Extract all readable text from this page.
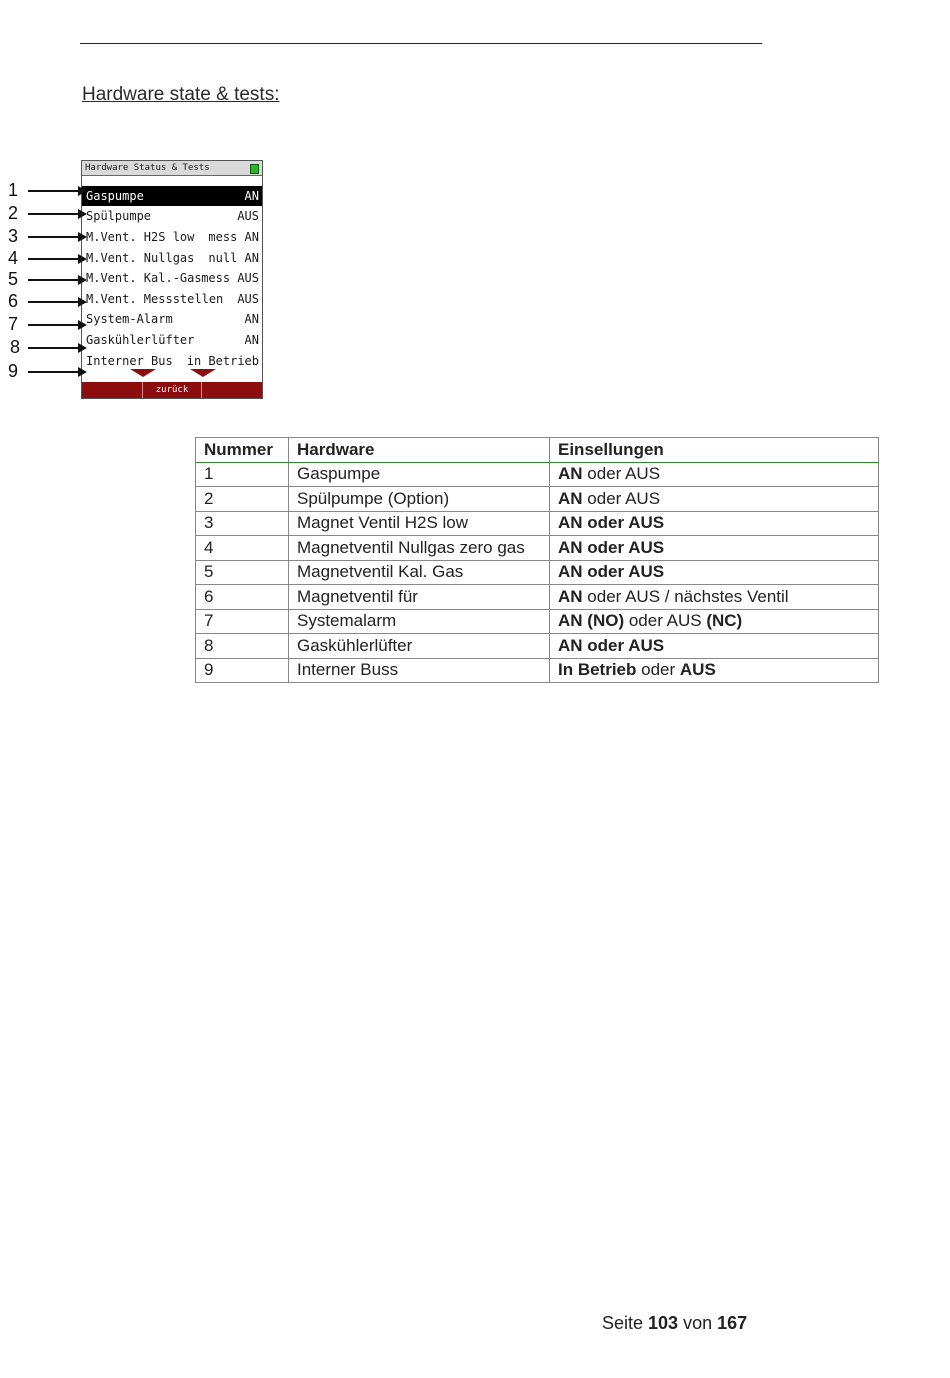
Hardware state & tests:
Hardware Status & Tests
Gaspumpe	AN
Spülpumpe	AUS
M.Vent. H2S low mess AN
M.Vent. Nullgas null AN
M.Vent. Kal.-Gas mess AUS
M.Vent. Messstellen AUS
System-Alarm	AN
Gaskühlerlüfter	AN
Interner Bus in Betrieb
zurück
1
2
3
4
5
6
7
8
9
Nummer	Hardware	Einsellungen
1	Gaspumpe	AN oder AUS
2	Spülpumpe (Option)	AN oder AUS
3	Magnet Ventil H2S low	AN oder AUS
4	Magnetventil Nullgas zero gas	AN oder AUS
5	Magnetventil Kal. Gas	AN oder AUS
6	Magnetventil für	AN oder AUS / nächstes Ventil
7	Systemalarm	AN (NO) oder AUS (NC)
8	Gaskühlerlüfter	AN oder AUS
9	Interner Buss	In Betrieb oder AUS
Seite 103 von 167
